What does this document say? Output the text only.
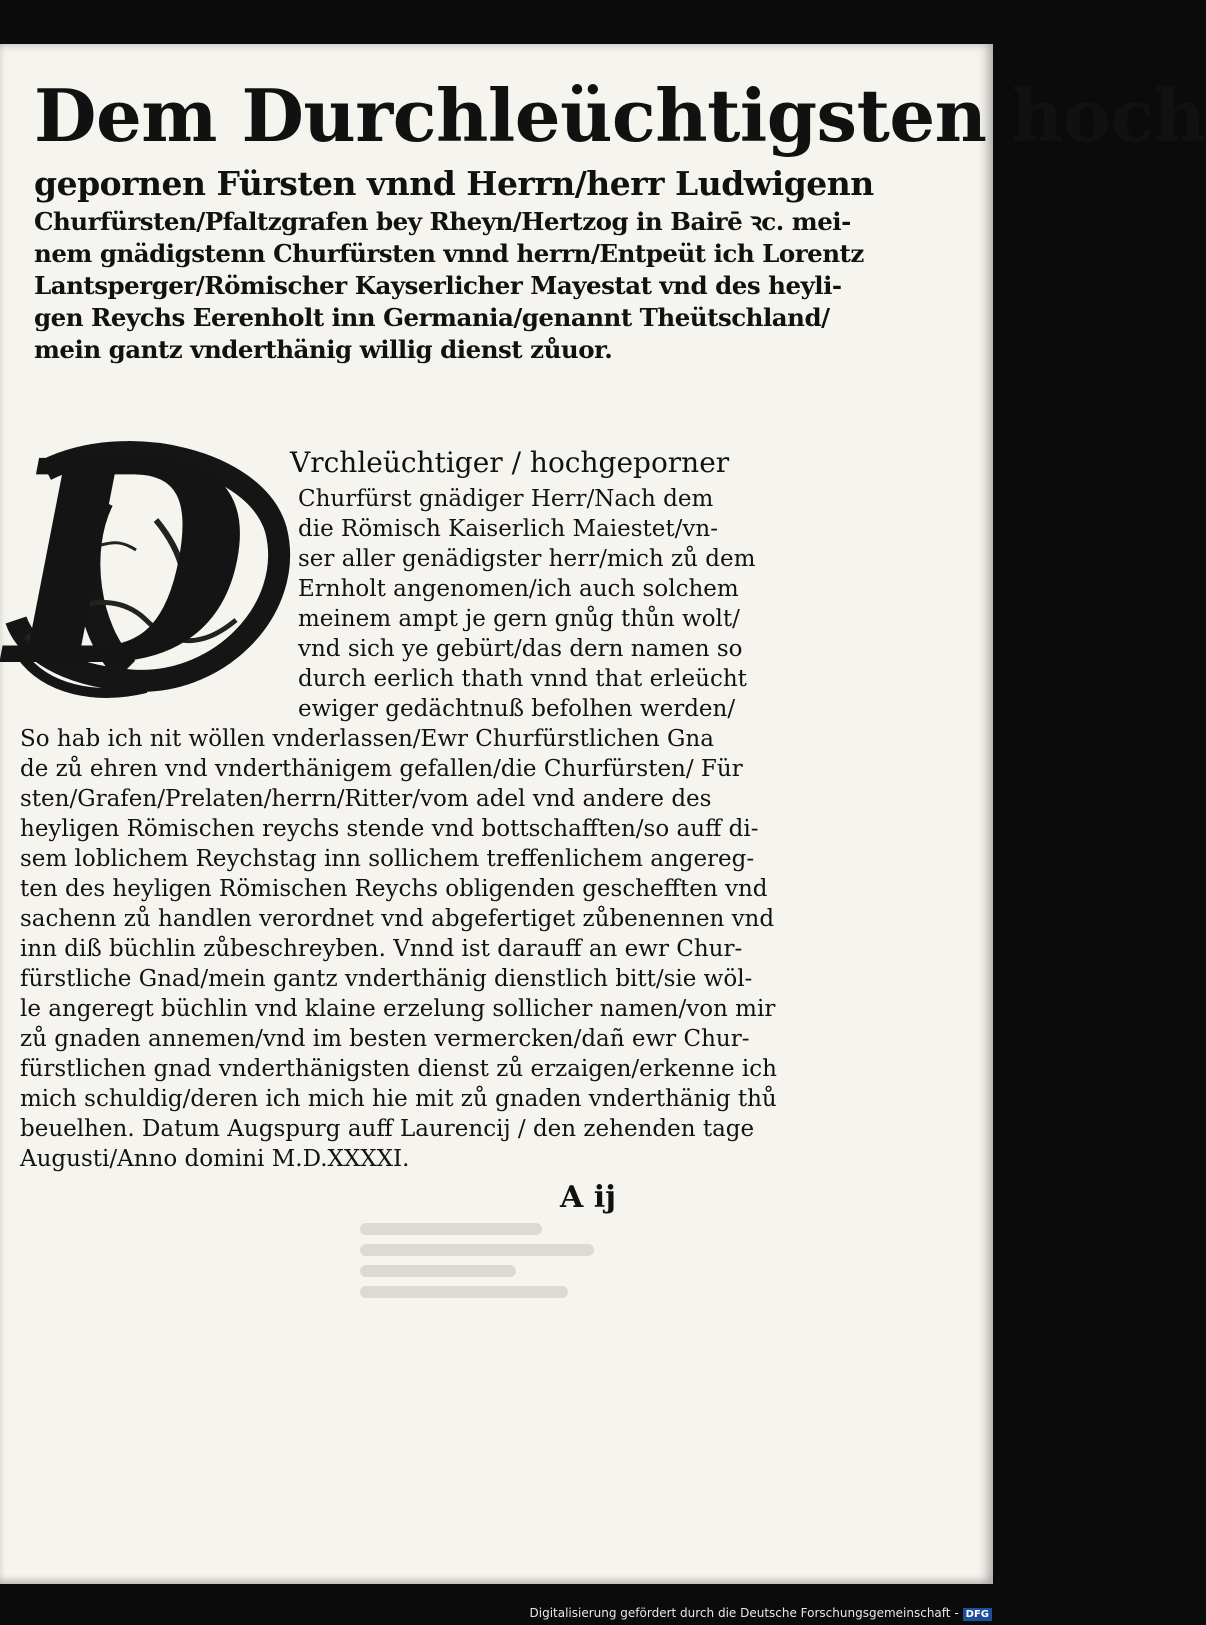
Dem Durchleüchtigsten hoch
gepornen Fürsten vnnd Herrn/herr Ludwigenn
Churfürsten/Pfaltzgrafen bey Rheyn/Hertzog in Bairē ꝛc. mei-
nem gnädigstenn Churfürsten vnnd herrn/Entpeüt ich Lorentz
Lantsperger/Römischer Kayserlicher Mayestat vnd des heyli-
gen Reychs Eerenholt inn Germania/genannt Theütschland/
mein gantz vnderthänig willig dienst zůuor.
D Vrchleüchtiger / hochgeporner
Churfürst gnädiger Herr/Nach dem
die Römisch Kaiserlich Maiestet/vn-
ser aller genädigster herr/mich zů dem
Ernholt angenomen/ich auch solchem
meinem ampt je gern gnůg thůn wolt/
vnd sich ye gebürt/das dern namen so
durch eerlich thath vnnd that erleücht
ewiger gedächtnuß befolhen werden/
So hab ich nit wöllen vnderlassen/Ewr Churfürstlichen Gna
de zů ehren vnd vnderthänigem gefallen/die Churfürsten/ Für
sten/Grafen/Prelaten/herrn/Ritter/vom adel vnd andere des
heyligen Römischen reychs stende vnd bottschafften/so auff di-
sem loblichem Reychstag inn sollichem treffenlichem angereg-
ten des heyligen Römischen Reychs obligenden geschefften vnd
sachenn zů handlen verordnet vnd abgefertiget zůbenennen vnd
inn diß büchlin zůbeschreyben. Vnnd ist darauff an ewr Chur-
fürstliche Gnad/mein gantz vnderthänig dienstlich bitt/sie wöl-
le angeregt büchlin vnd klaine erzelung sollicher namen/von mir
zů gnaden annemen/vnd im besten vermercken/dañ ewr Chur-
fürstlichen gnad vnderthänigsten dienst zů erzaigen/erkenne ich
mich schuldig/deren ich mich hie mit zů gnaden vnderthänig thů
beuelhen. Datum Augspurg auff Laurencij / den zehenden tage
Augusti/Anno domini M.D.XXXXI.
A ij
Digitalisierung gefördert durch die Deutsche Forschungsgemeinschaft - DFG
